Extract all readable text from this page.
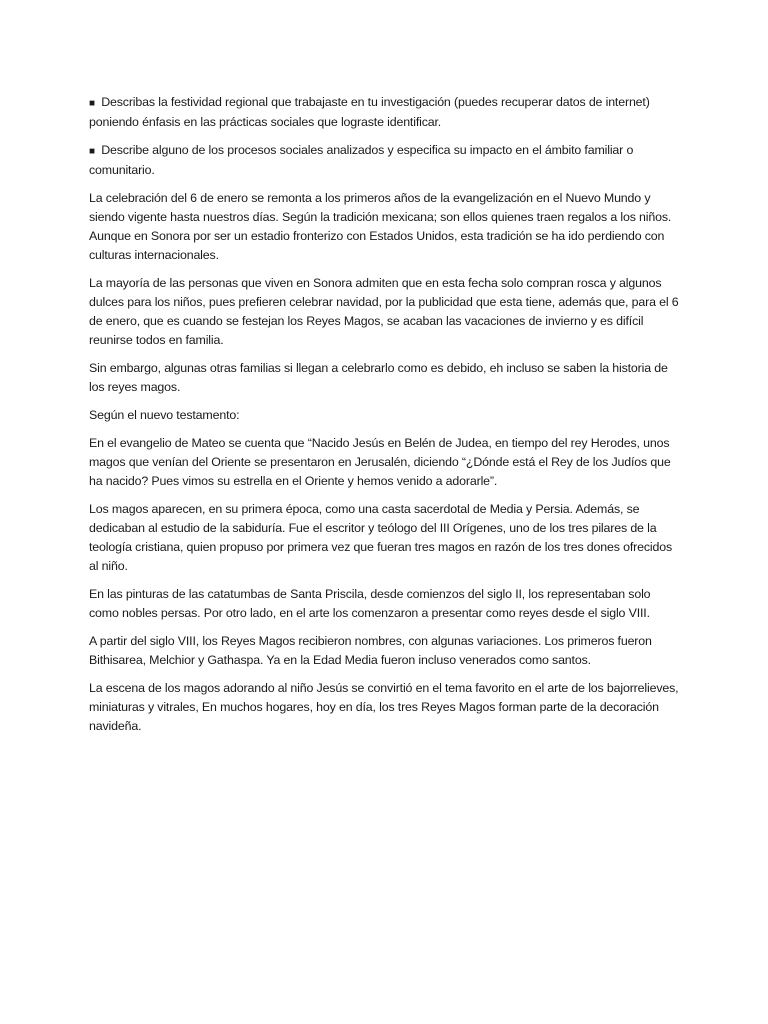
■ Describas la festividad regional que trabajaste en tu investigación (puedes recuperar datos de internet) poniendo énfasis en las prácticas sociales que lograste identificar.

■ Describe alguno de los procesos sociales analizados y especifica su impacto en el ámbito familiar o comunitario.

La celebración del 6 de enero se remonta a los primeros años de la evangelización en el Nuevo Mundo y siendo vigente hasta nuestros días. Según la tradición mexicana; son ellos quienes traen regalos a los niños. Aunque en Sonora por ser un estadio fronterizo con Estados Unidos, esta tradición se ha ido perdiendo con culturas internacionales.

La mayoría de las personas que viven en Sonora admiten que en esta fecha solo compran rosca y algunos dulces para los niños, pues prefieren celebrar navidad, por la publicidad que esta tiene, además que, para el 6 de enero, que es cuando se festejan los Reyes Magos, se acaban las vacaciones de invierno y es difícil reunirse todos en familia.

Sin embargo, algunas otras familias si llegan a celebrarlo como es debido, eh incluso se saben la historia de los reyes magos.

Según el nuevo testamento:

En el evangelio de Mateo se cuenta que “Nacido Jesús en Belén de Judea, en tiempo del rey Herodes, unos magos que venían del Oriente se presentaron en Jerusalén, diciendo “¿Dónde está el Rey de los Judíos que ha nacido? Pues vimos su estrella en el Oriente y hemos venido a adorarle”.

Los magos aparecen, en su primera época, como una casta sacerdotal de Media y Persia. Además, se dedicaban al estudio de la sabiduría. Fue el escritor y teólogo del III Orígenes, uno de los tres pilares de la teología cristiana, quien propuso por primera vez que fueran tres magos en razón de los tres dones ofrecidos al niño.

En las pinturas de las catatumbas de Santa Priscila, desde comienzos del siglo II, los representaban solo como nobles persas. Por otro lado, en el arte los comenzaron a presentar como reyes desde el siglo VIII.

A partir del siglo VIII, los Reyes Magos recibieron nombres, con algunas variaciones. Los primeros fueron Bithisarea, Melchior y Gathaspa. Ya en la Edad Media fueron incluso venerados como santos.

La escena de los magos adorando al niño Jesús se convirtió en el tema favorito en el arte de los bajorrelieves, miniaturas y vitrales, En muchos hogares, hoy en día, los tres Reyes Magos forman parte de la decoración navideña.
